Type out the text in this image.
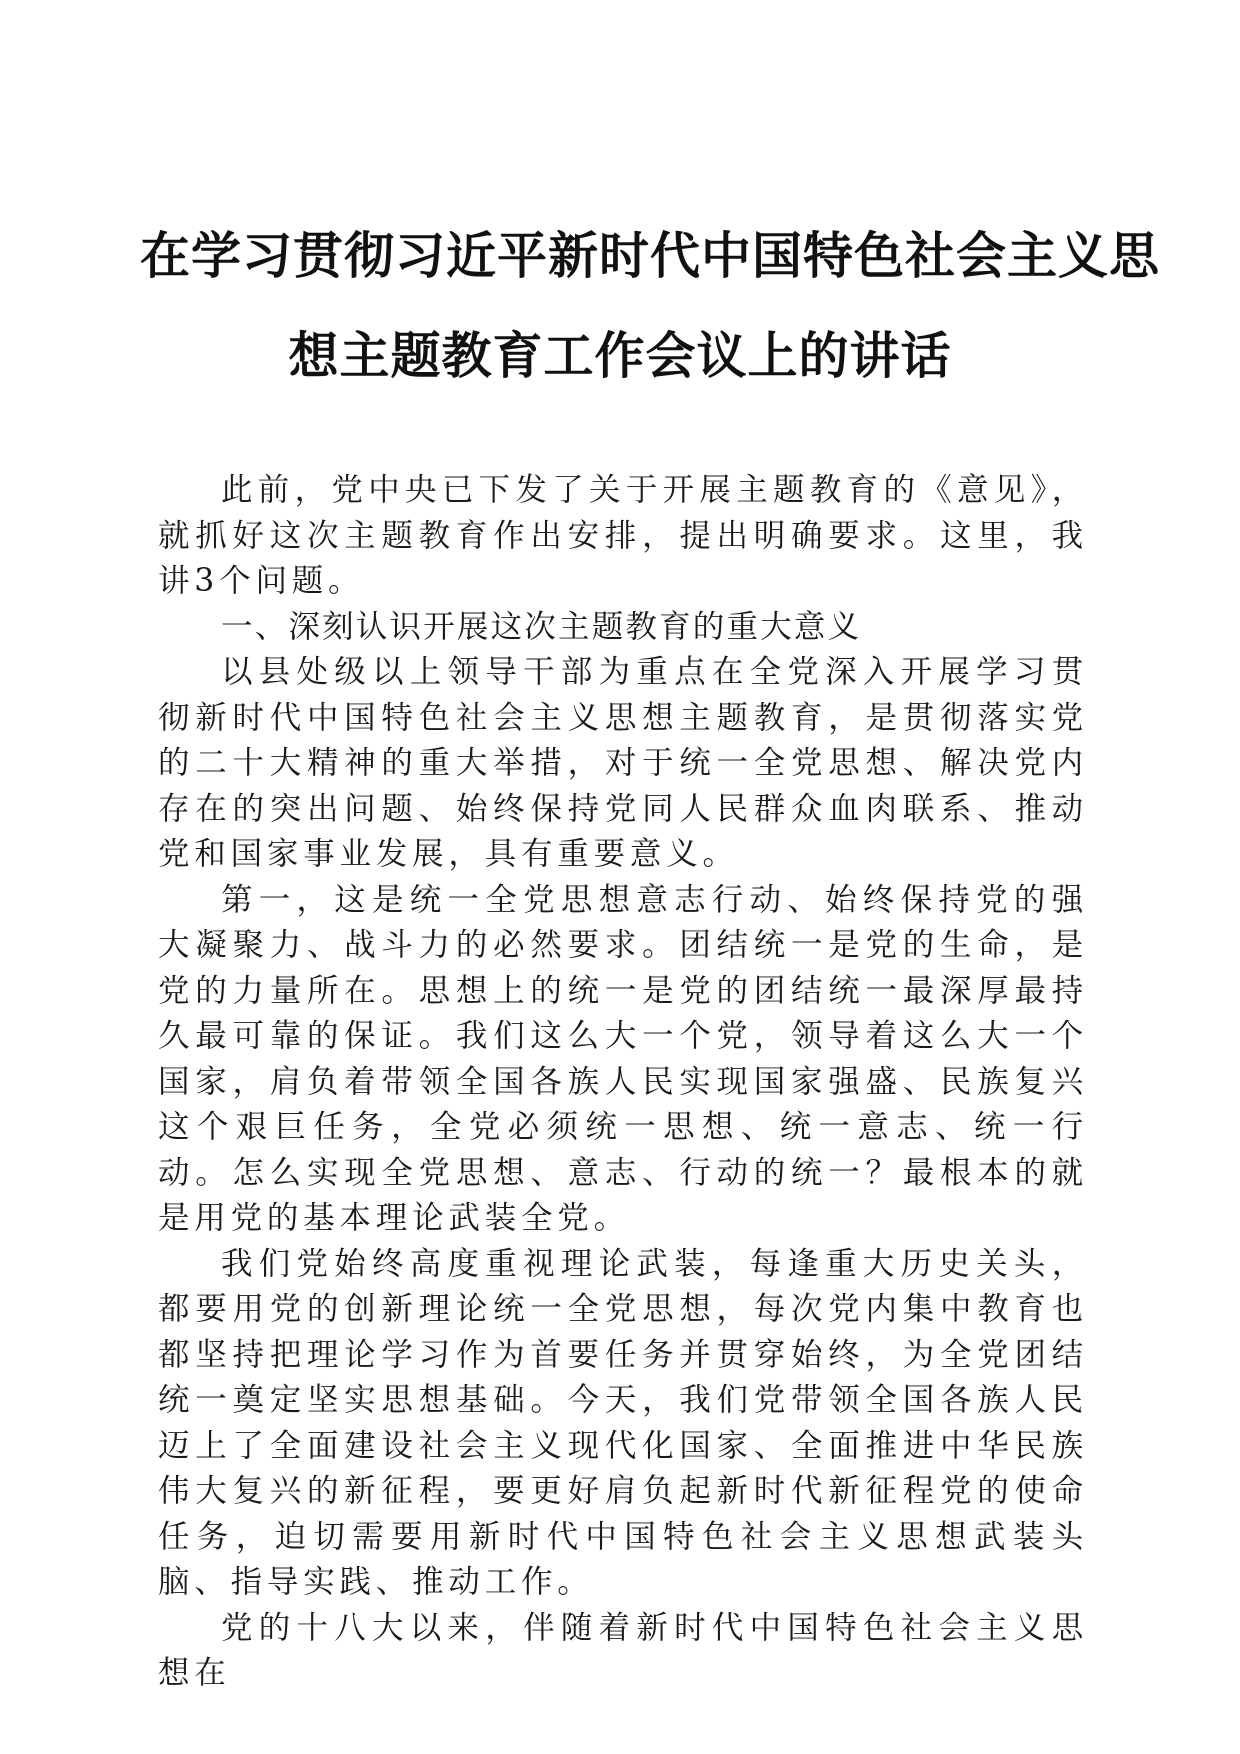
在学习贯彻习近平新时代中国特色社会主义思
想主题教育工作会议上的讲话

此前，党中央已下发了关于开展主题教育的《意见》，就抓好这次主题教育作出安排，提出明确要求。这里，我讲3个问题。

一、深刻认识开展这次主题教育的重大意义

以县处级以上领导干部为重点在全党深入开展学习贯彻新时代中国特色社会主义思想主题教育，是贯彻落实党的二十大精神的重大举措，对于统一全党思想、解决党内存在的突出问题、始终保持党同人民群众血肉联系、推动党和国家事业发展，具有重要意义。

第一，这是统一全党思想意志行动、始终保持党的强大凝聚力、战斗力的必然要求。团结统一是党的生命，是党的力量所在。思想上的统一是党的团结统一最深厚最持久最可靠的保证。我们这么大一个党，领导着这么大一个国家，肩负着带领全国各族人民实现国家强盛、民族复兴这个艰巨任务，全党必须统一思想、统一意志、统一行动。怎么实现全党思想、意志、行动的统一？最根本的就是用党的基本理论武装全党。

我们党始终高度重视理论武装，每逢重大历史关头，都要用党的创新理论统一全党思想，每次党内集中教育也都坚持把理论学习作为首要任务并贯穿始终，为全党团结统一奠定坚实思想基础。今天，我们党带领全国各族人民迈上了全面建设社会主义现代化国家、全面推进中华民族伟大复兴的新征程，要更好肩负起新时代新征程党的使命任务，迫切需要用新时代中国特色社会主义思想武装头脑、指导实践、推动工作。

党的十八大以来，伴随着新时代中国特色社会主义思想在
